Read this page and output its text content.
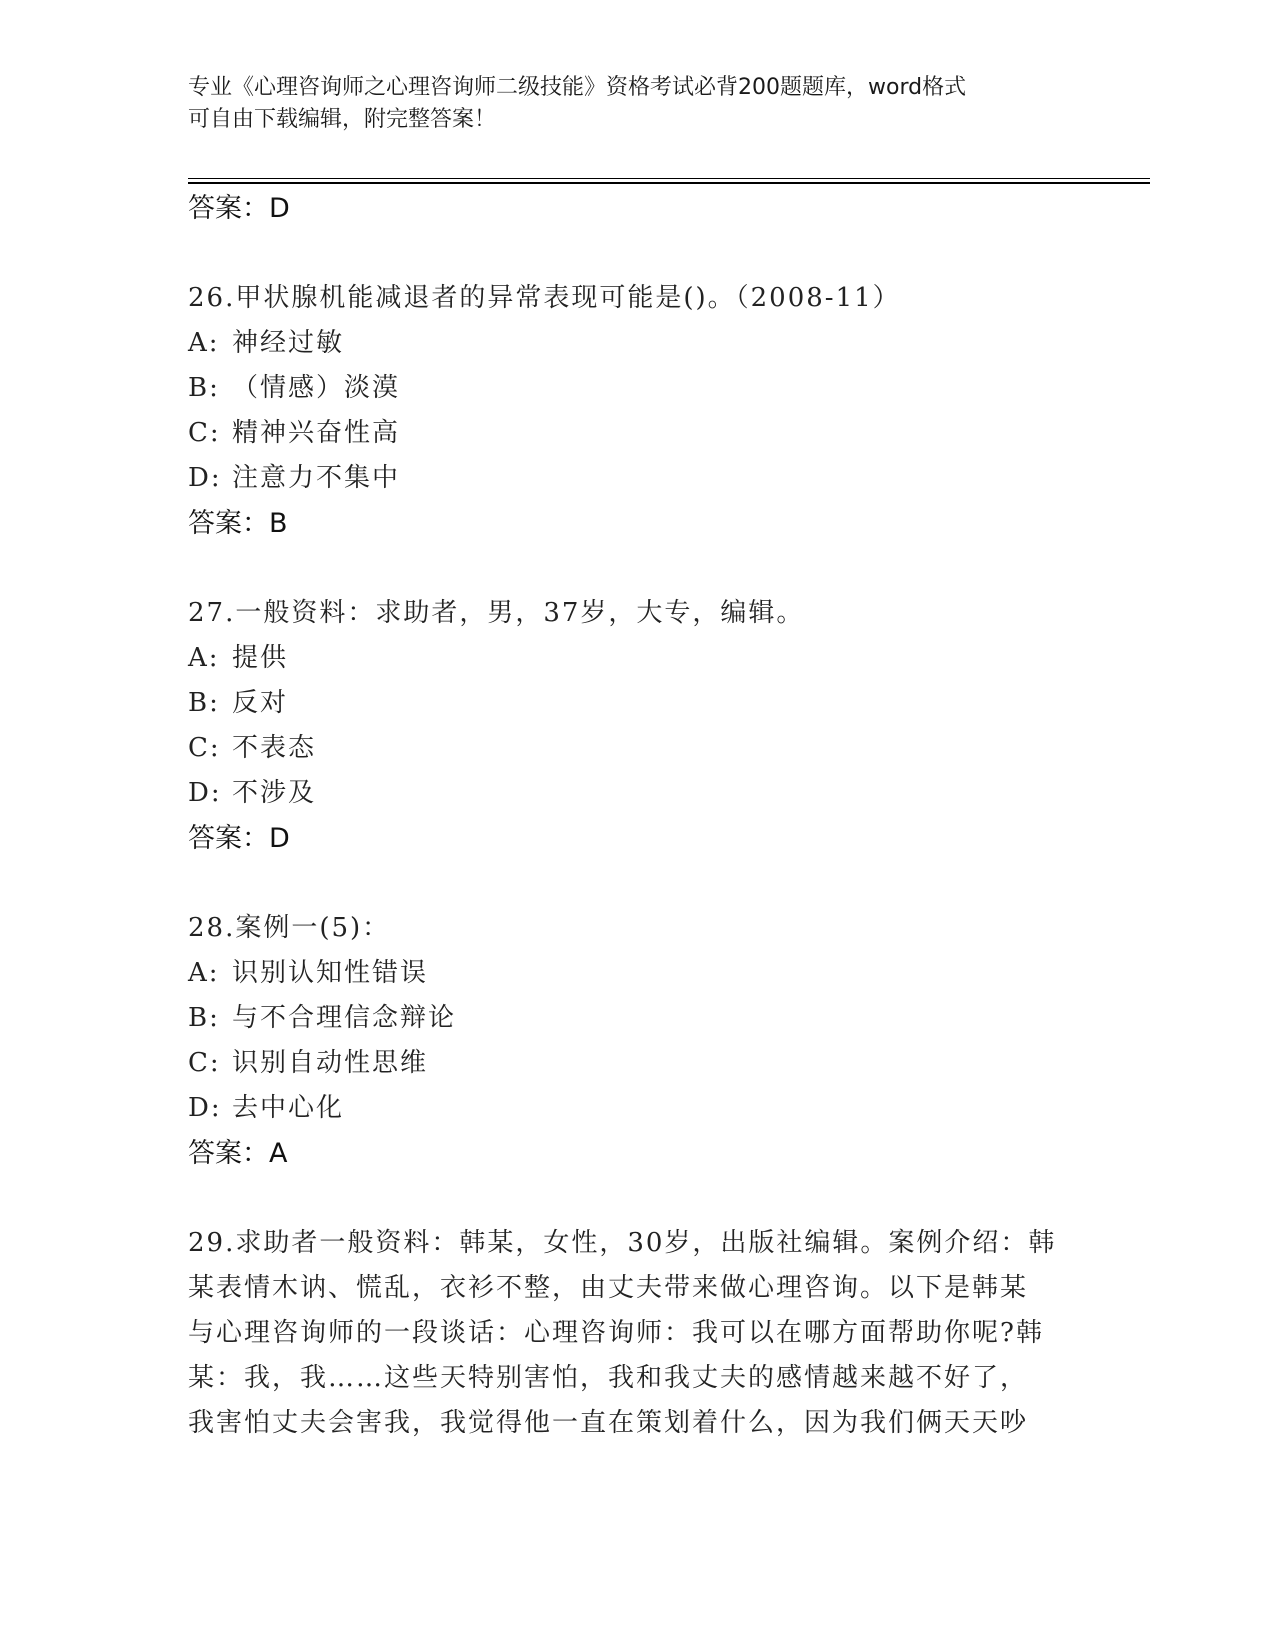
专业《心理咨询师之心理咨询师二级技能》资格考试必背200题题库，word格式
可自由下载编辑，附完整答案！
答案：D
26.甲状腺机能减退者的异常表现可能是()。（2008-11）
A: 神经过敏
B: （情感）淡漠
C: 精神兴奋性高
D: 注意力不集中
答案：B
27.一般资料：求助者，男，37岁，大专，编辑。
A: 提供
B: 反对
C: 不表态
D: 不涉及
答案：D
28.案例一(5)：
A: 识别认知性错误
B: 与不合理信念辩论
C: 识别自动性思维
D: 去中心化
答案：A
29.求助者一般资料：韩某，女性，30岁，出版社编辑。案例介绍：韩
某表情木讷、慌乱，衣衫不整，由丈夫带来做心理咨询。以下是韩某
与心理咨询师的一段谈话：心理咨询师：我可以在哪方面帮助你呢?韩
某：我，我……这些天特别害怕，我和我丈夫的感情越来越不好了，
我害怕丈夫会害我，我觉得他一直在策划着什么，因为我们俩天天吵
